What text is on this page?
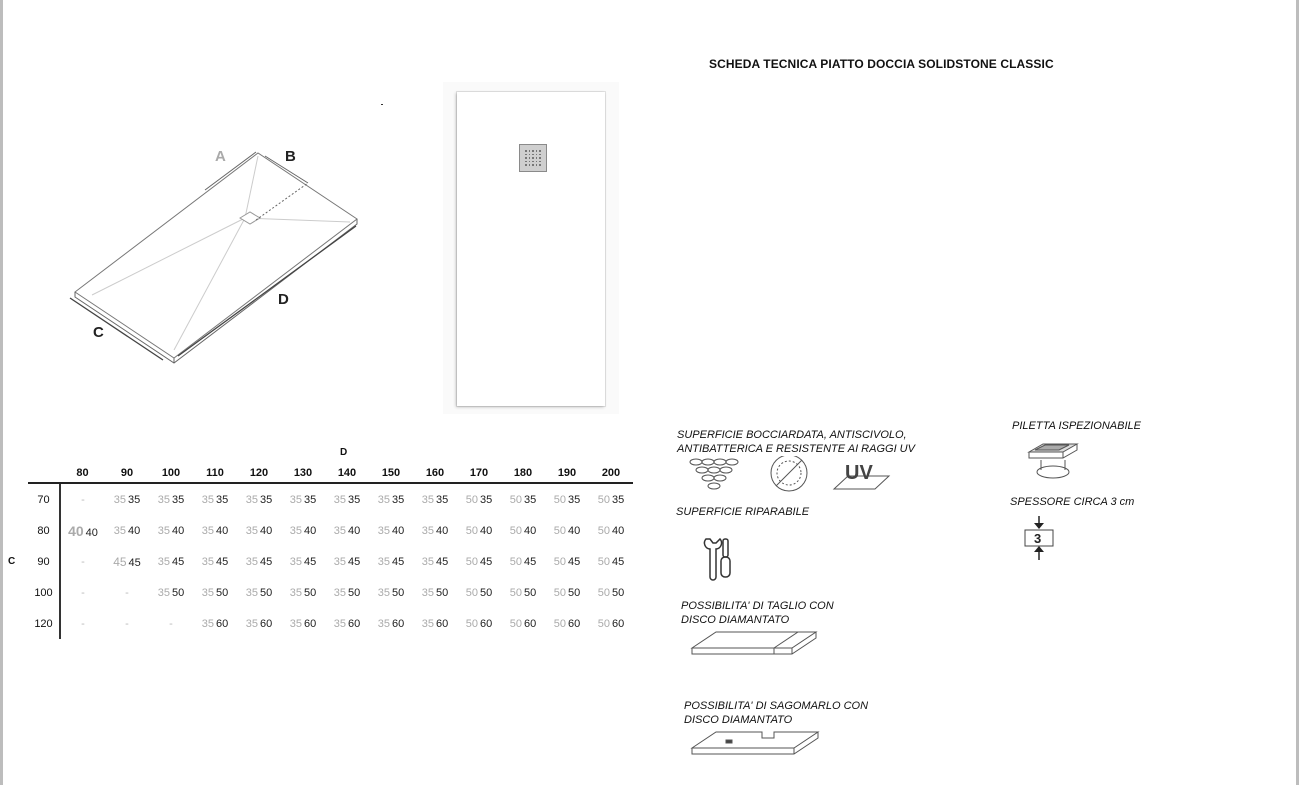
SCHEDA TECNICA PIATTO DOCCIA SOLIDSTONE CLASSIC
A	B
C
D
D
C
	80	90	100	110	120	130	140	150	160	170	180	190	200
70	-	35 35	35 35	35 35	35 35	35 35	35 35	35 35	35 35	50 35	50 35	50 35	50 35
80	40 40	35 40	35 40	35 40	35 40	35 40	35 40	35 40	35 40	50 40	50 40	50 40	50 40
90	-	45 45	35 45	35 45	35 45	35 45	35 45	35 45	35 45	50 45	50 45	50 45	50 45
100	-	-	35 50	35 50	35 50	35 50	35 50	35 50	35 50	50 50	50 50	50 50	50 50
120	-	-	-	35 60	35 60	35 60	35 60	35 60	35 60	50 60	50 60	50 60	50 60
SUPERFICIE BOCCIARDATA, ANTISCIVOLO, ANTIBATTERICA E RESISTENTE AI RAGGI UV
UV
SUPERFICIE RIPARABILE
POSSIBILITA' DI TAGLIO CON DISCO DIAMANTATO
POSSIBILITA' DI SAGOMARLO CON DISCO DIAMANTATO
PILETTA ISPEZIONABILE
SPESSORE CIRCA 3 cm
3
